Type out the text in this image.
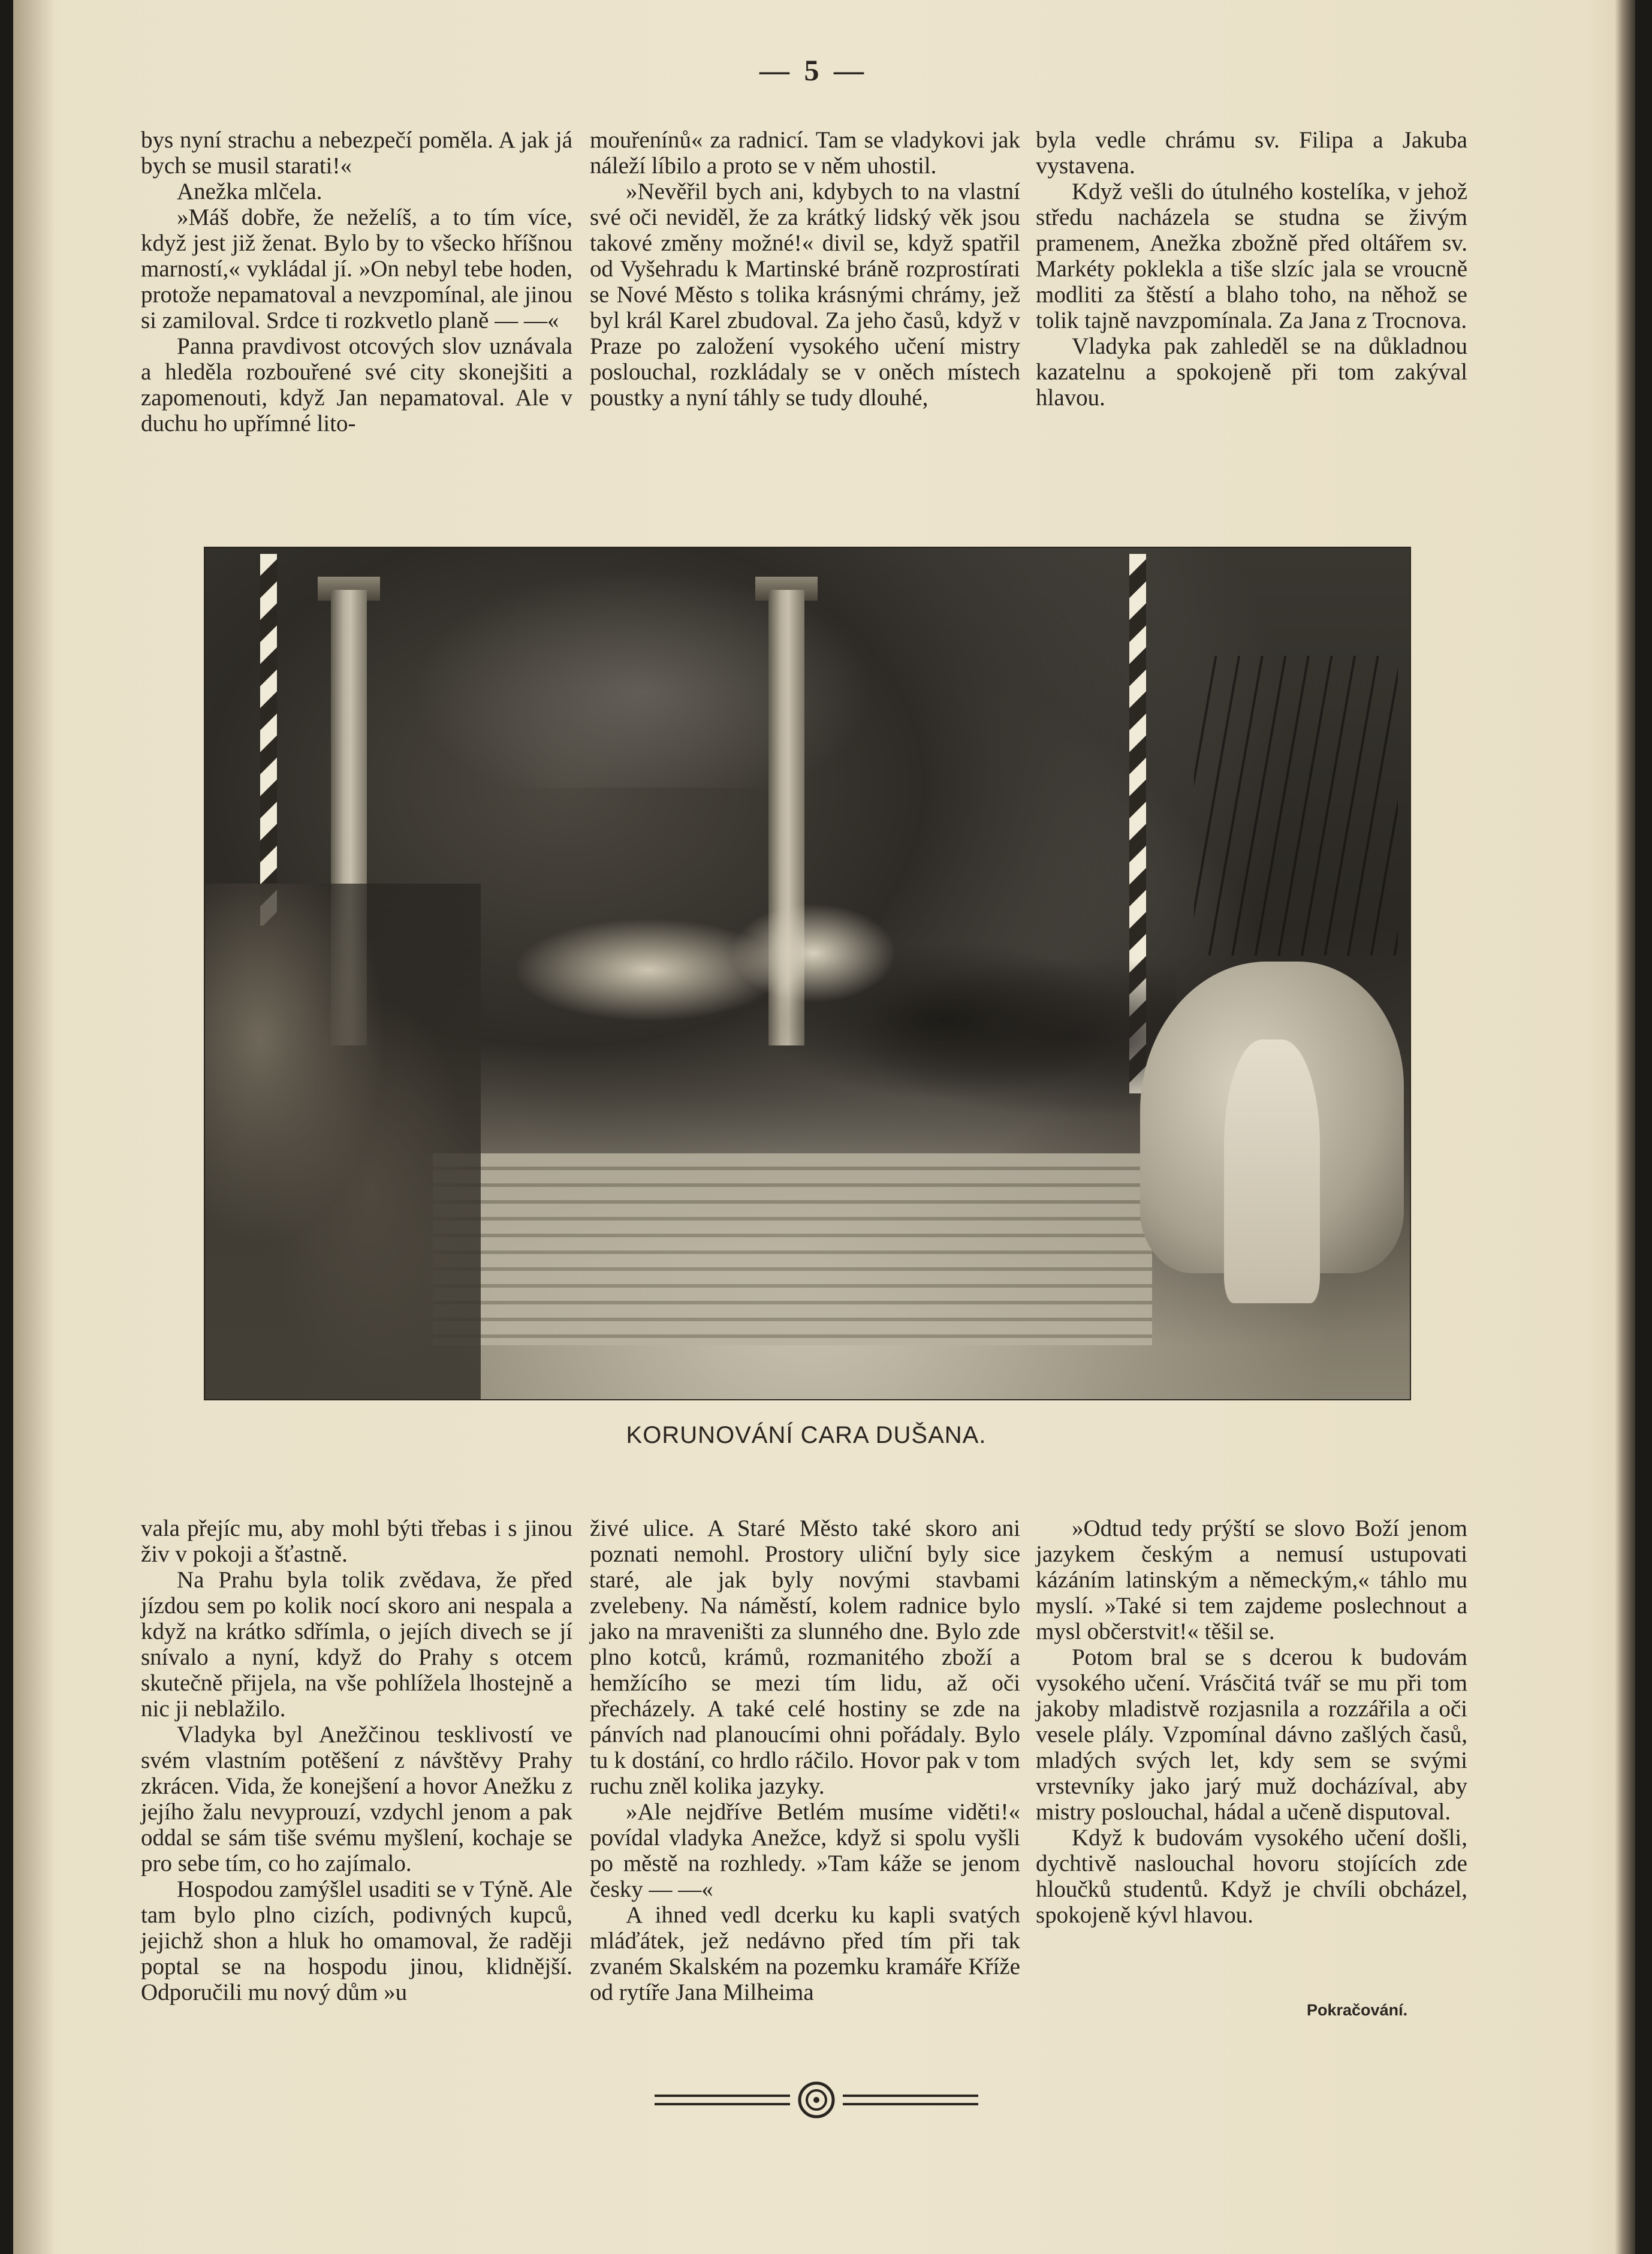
— 5 —

bys nyní strachu a nebezpečí poměla. A jak já bych se musil starati!«

Anežka mlčela.

»Máš dobře, že neželíš, a to tím více, když jest již ženat. Bylo by to všecko hříšnou marností,« vykládal jí. »On nebyl tebe hoden, protože nepamatoval a nevzpomínal, ale jinou si zamiloval. Srdce ti rozkvetlo planě — —«

Panna pravdivost otcových slov uznávala a hleděla rozbouřené své city skonejšiti a zapomenouti, když Jan nepamatoval. Ale v duchu ho upřímné lito-

mouřenínů« za radnicí. Tam se vladykovi jak náleží líbilo a proto se v něm uhostil.

»Nevěřil bych ani, kdybych to na vlastní své oči neviděl, že za krátký lidský věk jsou takové změny možné!« divil se, když spatřil od Vyšehradu k Martinské bráně rozprostírati se Nové Město s tolika krásnými chrámy, jež byl král Karel zbudoval. Za jeho časů, když v Praze po založení vysokého učení mistry poslouchal, rozkládaly se v oněch místech poustky a nyní táhly se tudy dlouhé,

byla vedle chrámu sv. Filipa a Jakuba vystavena.

Když vešli do útulného kostelíka, v jehož středu nacházela se studna se živým pramenem, Anežka zbožně před oltářem sv. Markéty poklekla a tiše slzíc jala se vroucně modliti za štěstí a blaho toho, na něhož se tolik tajně navzpomínala. Za Jana z Trocnova.

Vladyka pak zahleděl se na důkladnou kazatelnu a spokojeně při tom zakýval hlavou.

KORUNOVÁNÍ CARA DUŠANA.

vala přejíc mu, aby mohl býti třebas i s jinou živ v pokoji a šťastně.

Na Prahu byla tolik zvědava, že před jízdou sem po kolik nocí skoro ani nespala a když na krátko sdřímla, o jejích divech se jí snívalo a nyní, když do Prahy s otcem skutečně přijela, na vše pohlížela lhostejně a nic ji neblažilo.

Vladyka byl Anežčinou tesklivostí ve svém vlastním potěšení z návštěvy Prahy zkrácen. Vida, že konejšení a hovor Anežku z jejího žalu nevyprouzí, vzdychl jenom a pak oddal se sám tiše svému myšlení, kochaje se pro sebe tím, co ho zajímalo.

Hospodou zamýšlel usaditi se v Týně. Ale tam bylo plno cizích, podivných kupců, jejichž shon a hluk ho omamoval, že raději poptal se na hospodu jinou, klidnější. Odporučili mu nový dům »u

živé ulice. A Staré Město také skoro ani poznati nemohl. Prostory uliční byly sice staré, ale jak byly novými stavbami zvelebeny. Na náměstí, kolem radnice bylo jako na mraveništi za slunného dne. Bylo zde plno kotců, krámů, rozmanitého zboží a hemžícího se mezi tím lidu, až oči přecházely. A také celé hostiny se zde na pánvích nad planoucími ohni pořádaly. Bylo tu k dostání, co hrdlo ráčilo. Hovor pak v tom ruchu zněl kolika jazyky.

»Ale nejdříve Betlém musíme viděti!« povídal vladyka Anežce, když si spolu vyšli po městě na rozhledy. »Tam káže se jenom česky — —«

A ihned vedl dcerku ku kapli svatých mláďátek, jež nedávno před tím při tak zvaném Skalském na pozemku kramáře Kříže od rytíře Jana Milheima

»Odtud tedy prýští se slovo Boží jenom jazykem českým a nemusí ustupovati kázáním latinským a německým,« táhlo mu myslí. »Také si tem zajdeme poslechnout a mysl občerstvit!« těšil se.

Potom bral se s dcerou k budovám vysokého učení. Vrásčitá tvář se mu při tom jakoby mladistvě rozjasnila a rozzářila a oči vesele plály. Vzpomínal dávno zašlých časů, mladých svých let, kdy sem se svými vrstevníky jako jarý muž docházíval, aby mistry poslouchal, hádal a učeně disputoval.

Když k budovám vysokého učení došli, dychtivě naslouchal hovoru stojících zde hloučků studentů. Když je chvíli obcházel, spokojeně kývl hlavou.

Pokračování.
